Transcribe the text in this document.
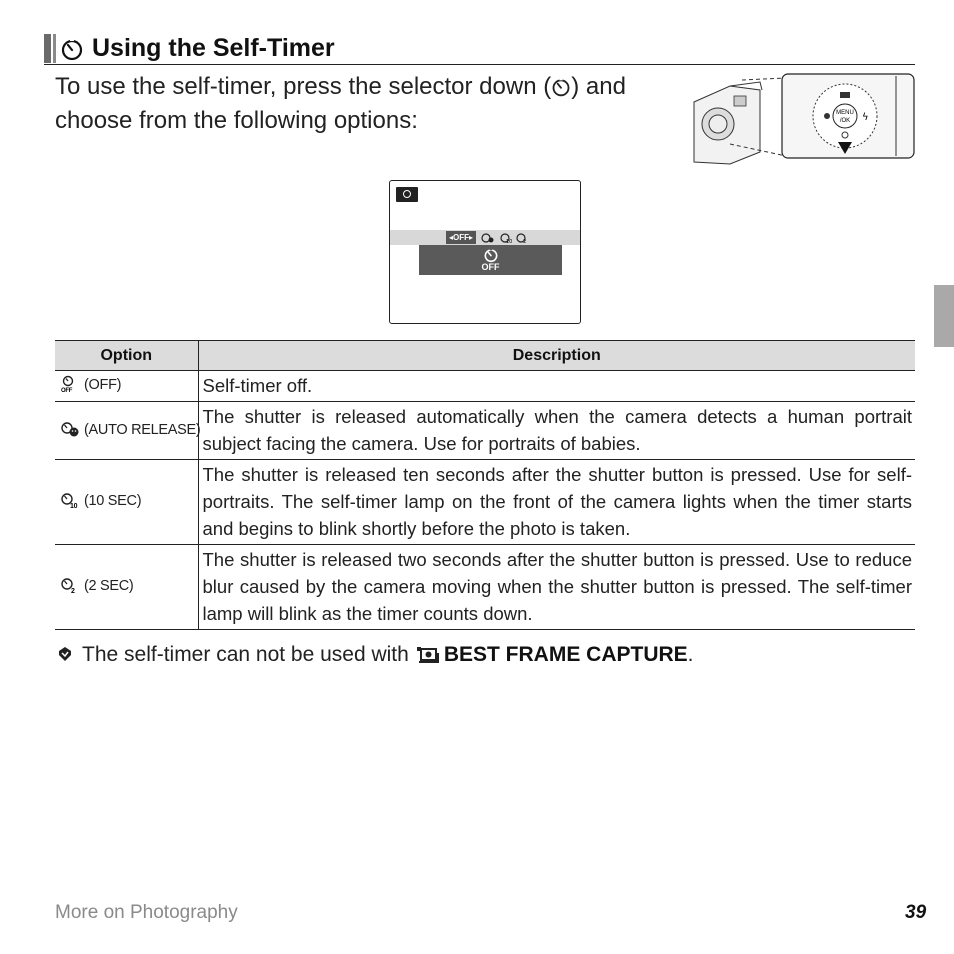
Using the Self-Timer
To use the self-timer, press the selector down ( ) and choose from the following options:	MENU
/OK ϟ
◂OFF▸	10 2
OFF
Option	Description

OFF (OFF)	Self-timer off.
(AUTO RELEASE)	The shutter is released automatically when the camera detects a human portrait subject facing the camera. Use for portraits of babies.

10 (10 SEC)	The shutter is released ten seconds after the shutter button is pressed. Use for self-portraits. The self-timer lamp on the front of the camera lights when the timer starts and begins to blink shortly before the photo is taken.

2 (2 SEC)	The shutter is released two seconds after the shutter button is pressed. Use to reduce blur caused by the camera moving when the shutter button is pressed. The self-timer lamp will blink as the timer counts down.
The self-timer can not be used with BEST FRAME CAPTURE.
More on Photography	39
